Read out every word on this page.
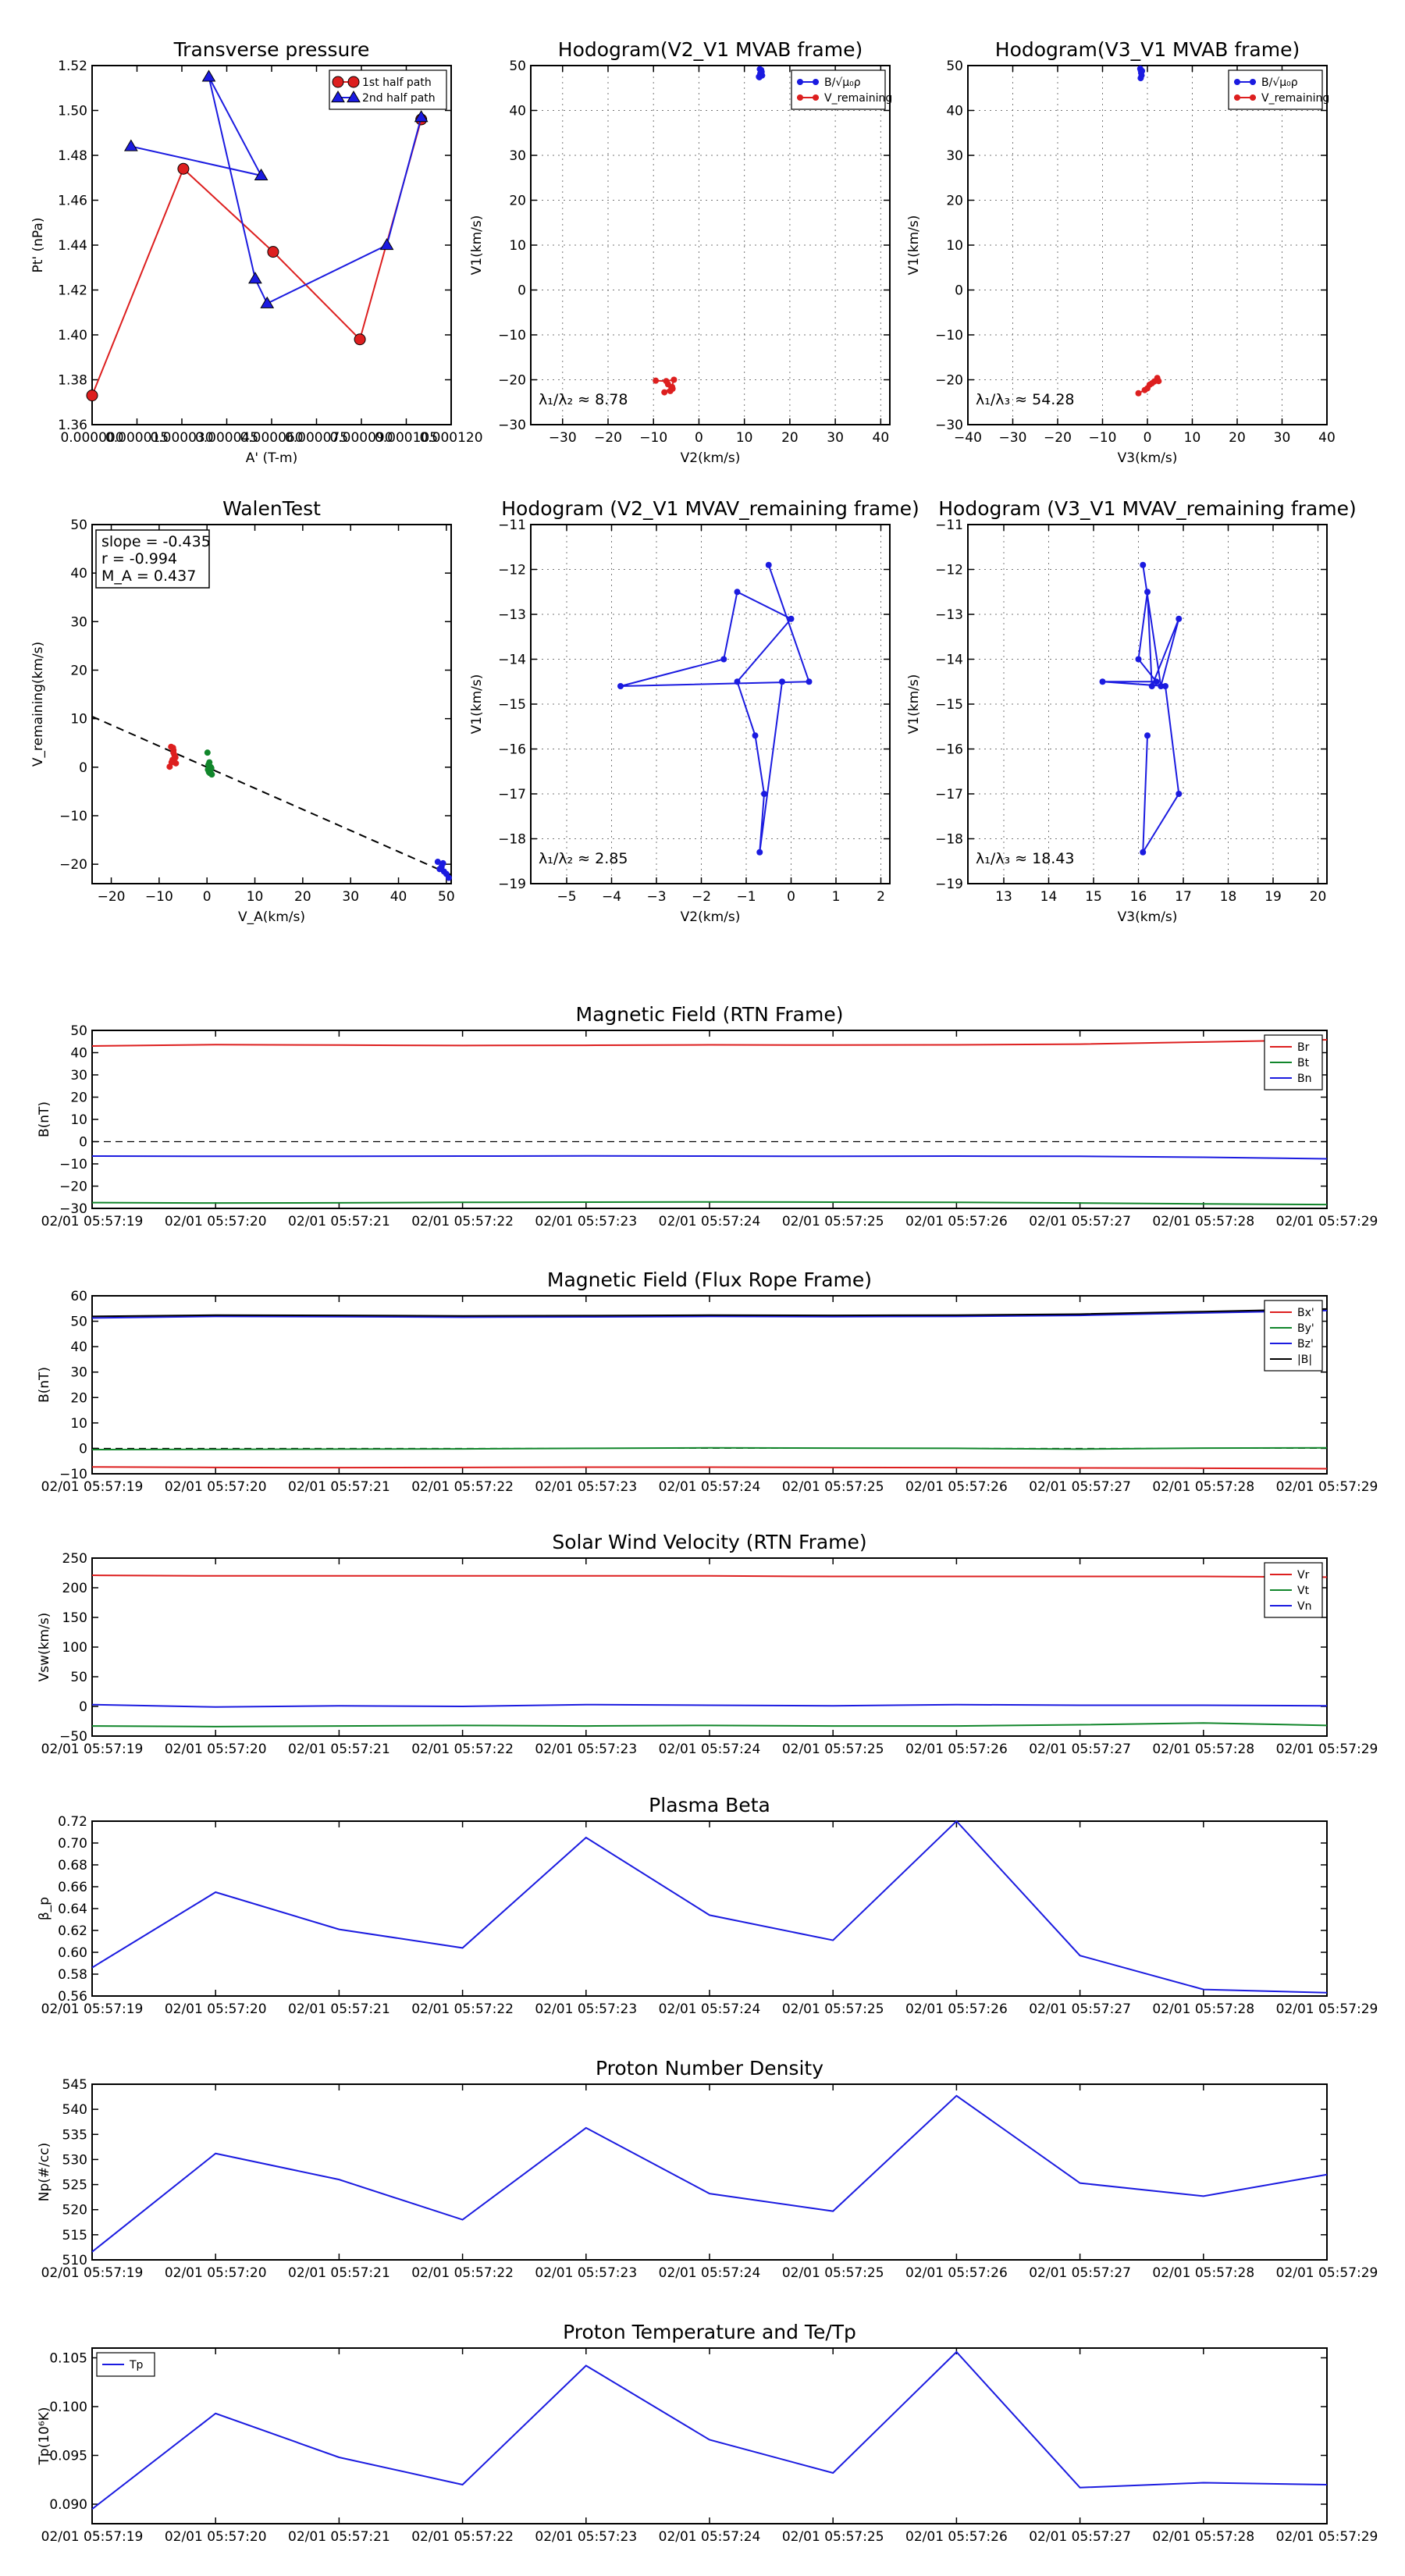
Transverse pressure
1.36
1.38
1.40
1.42
1.44
1.46
1.48
1.50
1.52
0.000000
0.000015
0.000030
0.000045
0.000060
0.000075
0.000090
0.000105
0.000120
A' (T-m)
Pt' (nPa)
1st half path
2nd half path
Hodogram(V2_V1 MVAB frame)
−30
−20
−10
0
10
20
30
40
50
−30 −20 −10 0 10 20 30 40
V2(km/s)
V1(km/s)
λ₁/λ₂ ≈ 8.78
B/√μ₀ρ
V_remaining
Hodogram(V3_V1 MVAB frame)
−30
−20
−10
0
10
20
30
40
50
−40 −30 −20 −10 0 10 20 30 40
V3(km/s)
V1(km/s)
λ₁/λ₃ ≈ 54.28
B/√μ₀ρ
V_remaining
WalenTest
−20
−10
0
10
20
30
40
50
−20 −10 0	10 20 30 40 50
V_A(km/s)
V_remaining(km/s)
slope = -0.435
r = -0.994
M_A = 0.437
Hodogram (V2_V1 MVAV_remaining frame)
−19
−18
−17
−16
−15
−14
−13
−12
−11
−5 −4 −3 −2 −1 0	1	2
V2(km/s)
V1(km/s)
λ₁/λ₂ ≈ 2.85
Hodogram (V3_V1 MVAV_remaining frame)
−19
−18
−17
−16
−15
−14
−13
−12
−11
13 14 15 16 17 18 19 20
V3(km/s)
V1(km/s)
λ₁/λ₃ ≈ 18.43
Magnetic Field (RTN Frame)
−30
−20
−10
0
10
20
30
40
50
02/01 05:57:19 02/01 05:57:20 02/01 05:57:21 02/01 05:57:22 02/01 05:57:23 02/01 05:57:24 02/01 05:57:25 02/01 05:57:26 02/01 05:57:27 02/01 05:57:28 02/01 05:57:29
B(nT)
Br
Bt
Bn
Magnetic Field (Flux Rope Frame)
−10
0
10
20
30
40
50
60
02/01 05:57:19 02/01 05:57:20 02/01 05:57:21 02/01 05:57:22 02/01 05:57:23 02/01 05:57:24 02/01 05:57:25 02/01 05:57:26 02/01 05:57:27 02/01 05:57:28 02/01 05:57:29
B(nT)
Bx'
By'
Bz'
|B|
Solar Wind Velocity (RTN Frame)
−50
0
50
100
150
200
250
02/01 05:57:19 02/01 05:57:20 02/01 05:57:21 02/01 05:57:22 02/01 05:57:23 02/01 05:57:24 02/01 05:57:25 02/01 05:57:26 02/01 05:57:27 02/01 05:57:28 02/01 05:57:29
Vsw(km/s)
Vr
Vt
Vn
Plasma Beta
0.56
0.58
0.60
0.62
0.64
0.66
0.68
0.70
0.72
02/01 05:57:19 02/01 05:57:20 02/01 05:57:21 02/01 05:57:22 02/01 05:57:23 02/01 05:57:24 02/01 05:57:25 02/01 05:57:26 02/01 05:57:27 02/01 05:57:28 02/01 05:57:29
β_p
Proton Number Density
510
515
520
525
530
535
540
545
02/01 05:57:19 02/01 05:57:20 02/01 05:57:21 02/01 05:57:22 02/01 05:57:23 02/01 05:57:24 02/01 05:57:25 02/01 05:57:26 02/01 05:57:27 02/01 05:57:28 02/01 05:57:29
Np(#/cc)
Proton Temperature and Te/Tp
0.090
0.095
0.100
0.105
02/01 05:57:19 02/01 05:57:20 02/01 05:57:21 02/01 05:57:22 02/01 05:57:23 02/01 05:57:24 02/01 05:57:25 02/01 05:57:26 02/01 05:57:27 02/01 05:57:28 02/01 05:57:29
Tp(10⁶K)
Tp
